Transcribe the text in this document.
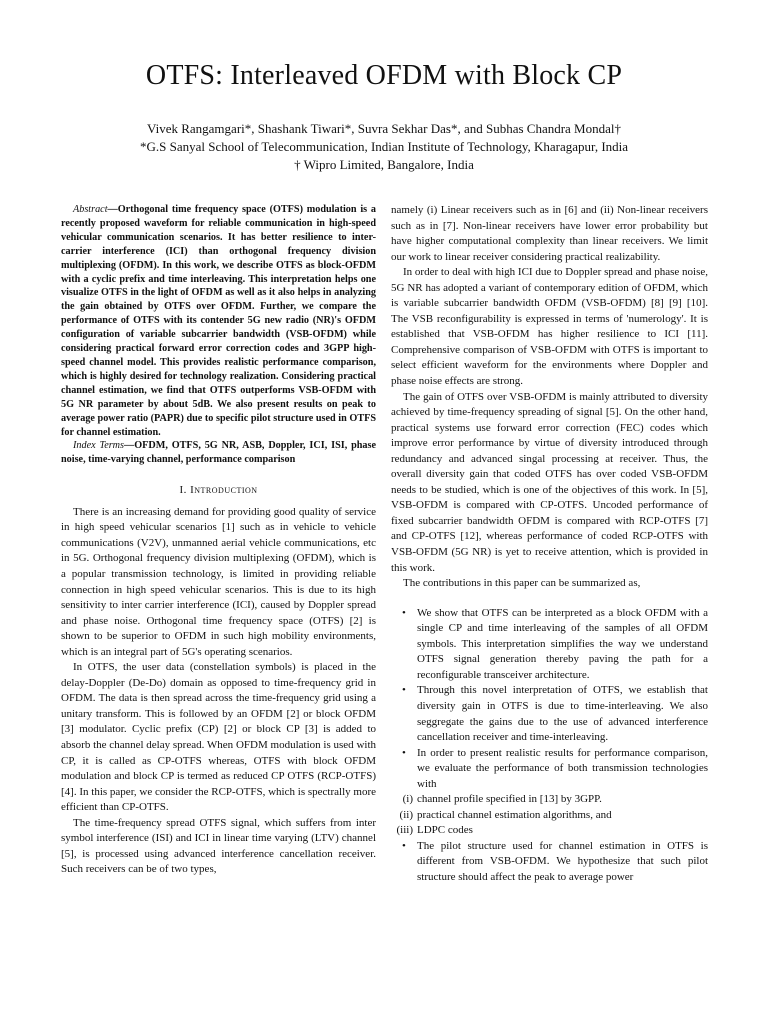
OTFS: Interleaved OFDM with Block CP
Vivek Rangamgari*, Shashank Tiwari*, Suvra Sekhar Das*, and Subhas Chandra Mondal†
*G.S Sanyal School of Telecommunication, Indian Institute of Technology, Kharagapur, India
† Wipro Limited, Bangalore, India

Abstract—Orthogonal time frequency space (OTFS) modulation is a recently proposed waveform for reliable communication in high-speed vehicular communication scenarios. It has better resilience to inter-carrier interference (ICI) than orthogonal frequency division multiplexing (OFDM). In this work, we describe OTFS as block-OFDM with a cyclic prefix and time interleaving. This interpretation helps one visualize OTFS in the light of OFDM as well as it also helps in analyzing the gain obtained by OTFS over OFDM. Further, we compare the performance of OTFS with its contender 5G new radio (NR)'s OFDM configuration of variable subcarrier bandwidth (VSB-OFDM) while considering practical forward error correction codes and 3GPP high-speed channel model. This provides realistic performance comparison, which is highly desired for technology realization. Considering practical channel estimation, we find that OTFS outperforms VSB-OFDM with 5G NR parameter by about 5dB. We also present results on peak to average power ratio (PAPR) due to specific pilot structure used in OTFS for channel estimation.

Index Terms—OFDM, OTFS, 5G NR, ASB, Doppler, ICI, ISI, phase noise, time-varying channel, performance comparison

I. Introduction

There is an increasing demand for providing good quality of service in high speed vehicular scenarios [1] such as in vehicle to vehicle communications (V2V), unmanned aerial vehicle communications, etc in 5G. Orthogonal frequency division multiplexing (OFDM), which is a popular transmission technology, is limited in providing reliable connection in high speed vehicular scenarios. This is due to its high sensitivity to inter carrier interference (ICI), caused by Doppler spread and phase noise. Orthogonal time frequency space (OTFS) [2] is shown to be superior to OFDM in such high mobility environments, which is an integral part of 5G's operating scenarios.

In OTFS, the user data (constellation symbols) is placed in the delay-Doppler (De-Do) domain as opposed to time-frequency grid in OFDM. The data is then spread across the time-frequency grid using a unitary transform. This is followed by an OFDM [2] or block OFDM [3] modulator. Cyclic prefix (CP) [2] or block CP [3] is added to absorb the channel delay spread. When OFDM modulation is used with CP, it is called as CP-OTFS whereas, OTFS with block OFDM modulation and block CP is termed as reduced CP OTFS (RCP-OTFS) [4]. In this paper, we consider the RCP-OTFS, which is spectrally more efficient than CP-OTFS.

The time-frequency spread OTFS signal, which suffers from inter symbol interference (ISI) and ICI in linear time varying (LTV) channel [5], is processed using advanced interference cancellation receiver. Such receivers can be of two types,

namely (i) Linear receivers such as in [6] and (ii) Non-linear receivers such as in [7]. Non-linear receivers have lower error probability but have higher computational complexity than linear receivers. We limit our work to linear receiver considering practical realizability.

In order to deal with high ICI due to Doppler spread and phase noise, 5G NR has adopted a variant of contemporary edition of OFDM, which is variable subcarrier bandwidth OFDM (VSB-OFDM) [8] [9] [10]. The VSB reconfigurability is expressed in terms of 'numerology'. It is established that VSB-OFDM has higher resilience to ICI [11]. Comprehensive comparison of VSB-OFDM with OTFS is important to select efficient waveform for the environments where Doppler and phase noise effects are strong.

The gain of OTFS over VSB-OFDM is mainly attributed to diversity achieved by time-frequency spreading of signal [5]. On the other hand, practical systems use forward error correction (FEC) codes which improve error performance by virtue of diversity introduced through redundancy and advanced singal processing at receiver. Thus, the overall diversity gain that coded OTFS has over coded VSB-OFDM needs to be studied, which is one of the objectives of this work. In [5], VSB-OFDM is compared with CP-OTFS. Uncoded performance of fixed subcarrier bandwidth OFDM is compared with RCP-OTFS [7] and CP-OTFS [12], whereas performance of coded RCP-OTFS with VSB-OFDM (5G NR) is yet to receive attention, which is provided in this work.

The contributions in this paper can be summarized as,

• We show that OTFS can be interpreted as a block OFDM with a single CP and time interleaving of the samples of all OFDM symbols. This interpretation simplifies the way we understand OTFS signal generation thereby paving the path for a reconfigurable transceiver architecture.
• Through this novel interpretation of OTFS, we establish that diversity gain in OTFS is due to time-interleaving. We also seggregate the gains due to the use of advanced interference cancellation receiver and time-interleaving.
• In order to present realistic results for performance comparison, we evaluate the performance of both transmission technologies with
(i) channel profile specified in [13] by 3GPP.
(ii) practical channel estimation algorithms, and
(iii) LDPC codes
• The pilot structure used for channel estimation in OTFS is different from VSB-OFDM. We hypothesize that such pilot structure should affect the peak to average power
